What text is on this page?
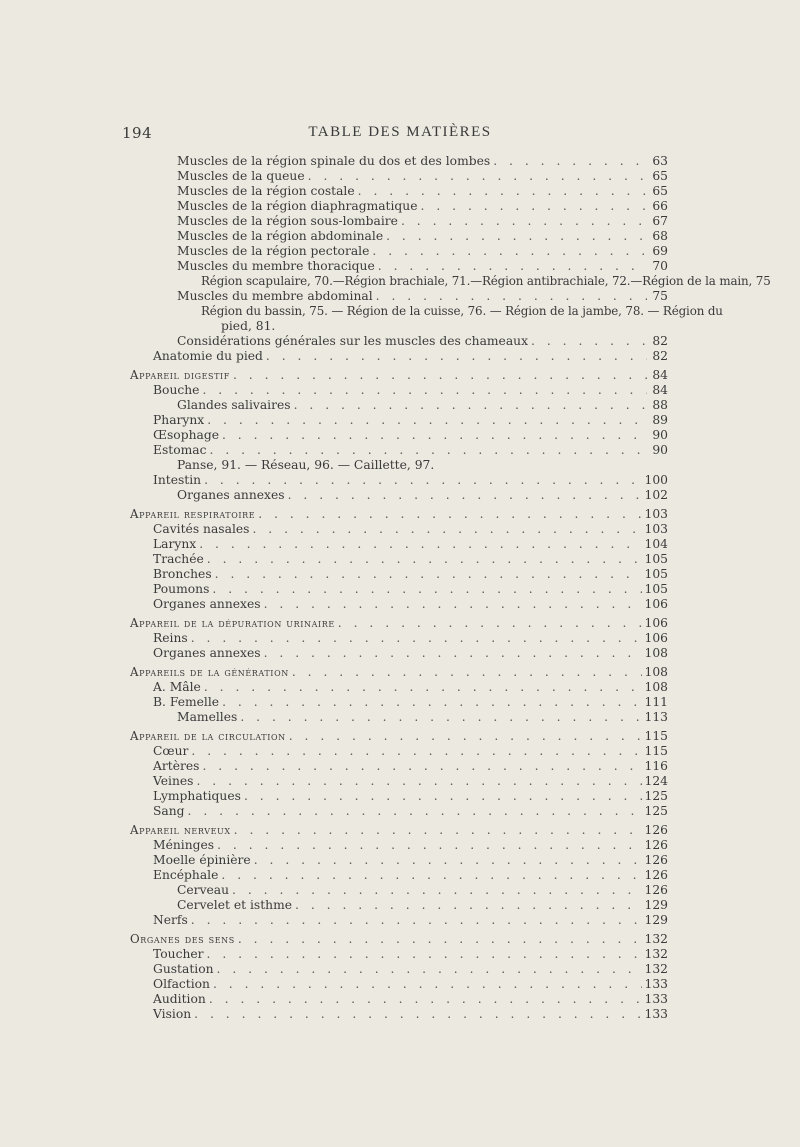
194	TABLE DES MATIÈRES
Muscles de la région spinale du dos et des lombes . . .	63
Muscles de la queue . . .	65
Muscles de la région costale . . .	65
Muscles de la région diaphragmatique . . .	66
Muscles de la région sous-lombaire . . .	67
Muscles de la région abdominale . . .	68
Muscles de la région pectorale . . .	69
Muscles du membre thoracique . . .	70
Région scapulaire, 70.—Région brachiale, 71.—Région antibrachiale, 72.—Région de la main, 75
Muscles du membre abdominal . . .	75
Région du bassin, 75. — Région de la cuisse, 76. — Région de la jambe, 78. — Région du
pied, 81.
Considérations générales sur les muscles des chameaux . . .	82
Anatomie du pied . . .	82
Appareil digestif . . .	84
Bouche . . .	84
Glandes salivaires . . .	88
Pharynx . . .	89
Œsophage . . .	90
Estomac . . .	90
Panse, 91. — Réseau, 96. — Caillette, 97.
Intestin . . .	100
Organes annexes . . .	102
Appareil respiratoire . . .	103
Cavités nasales . . .	103
Larynx . . .	104
Trachée . . .	105
Bronches . . .	105
Poumons . . .	105
Organes annexes . . .	106
Appareil de la dépuration urinaire . . .	106
Reins . . .	106
Organes annexes . . .	108
Appareils de la génération . . .	108
A. Mâle . . .	108
B. Femelle . . .	111
Mamelles . . .	113
Appareil de la circulation . . .	115
Cœur . . .	115
Artères . . .	116
Veines . . .	124
Lymphatiques . . .	125
Sang . . .	125
Appareil nerveux . . .	126
Méninges . . .	126
Moelle épinière . . .	126
Encéphale . . .	126
Cerveau . . .	126
Cervelet et isthme . . .	129
Nerfs . . .	129
Organes des sens . . .	132
Toucher . . .	132
Gustation . . .	132
Olfaction . . .	133
Audition . . .	133
Vision . . .	133
